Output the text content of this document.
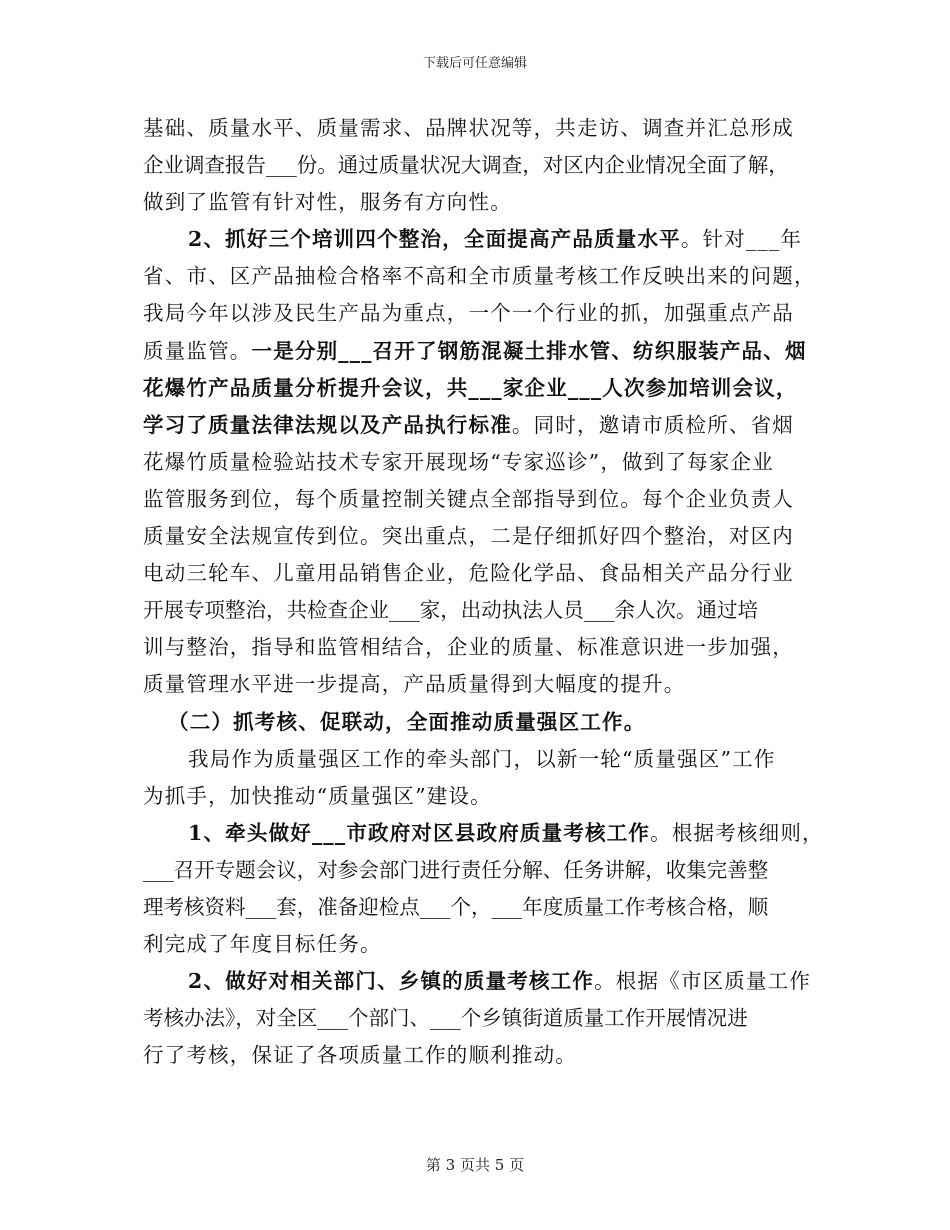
下载后可任意编辑
基础、质量水平、质量需求、品牌状况等，共走访、调查并汇总形成
企业调查报告___份。通过质量状况大调查，对区内企业情况全面了解，
做到了监管有针对性，服务有方向性。
2、抓好三个培训四个整治，全面提高产品质量水平。针对___年
省、市、区产品抽检合格率不高和全市质量考核工作反映出来的问题，
我局今年以涉及民生产品为重点，一个一个行业的抓，加强重点产品
质量监管。一是分别___召开了钢筋混凝土排水管、纺织服装产品、烟
花爆竹产品质量分析提升会议，共___家企业___人次参加培训会议，
学习了质量法律法规以及产品执行标准。同时，邀请市质检所、省烟
花爆竹质量检验站技术专家开展现场“专家巡诊”，做到了每家企业
监管服务到位，每个质量控制关键点全部指导到位。每个企业负责人
质量安全法规宣传到位。突出重点，二是仔细抓好四个整治，对区内
电动三轮车、儿童用品销售企业，危险化学品、食品相关产品分行业
开展专项整治，共检查企业___家，出动执法人员___余人次。通过培
训与整治，指导和监管相结合，企业的质量、标准意识进一步加强，
质量管理水平进一步提高，产品质量得到大幅度的提升。
（二）抓考核、促联动，全面推动质量强区工作。
我局作为质量强区工作的牵头部门，以新一轮“质量强区”工作
为抓手，加快推动“质量强区”建设。
1、牵头做好___市政府对区县政府质量考核工作。根据考核细则，
___召开专题会议，对参会部门进行责任分解、任务讲解，收集完善整
理考核资料___套，准备迎检点___个，___年度质量工作考核合格，顺
利完成了年度目标任务。
2、做好对相关部门、乡镇的质量考核工作。根据《市区质量工作
考核办法》，对全区___个部门、___个乡镇街道质量工作开展情况进
行了考核，保证了各项质量工作的顺利推动。
第 3 页共 5 页
